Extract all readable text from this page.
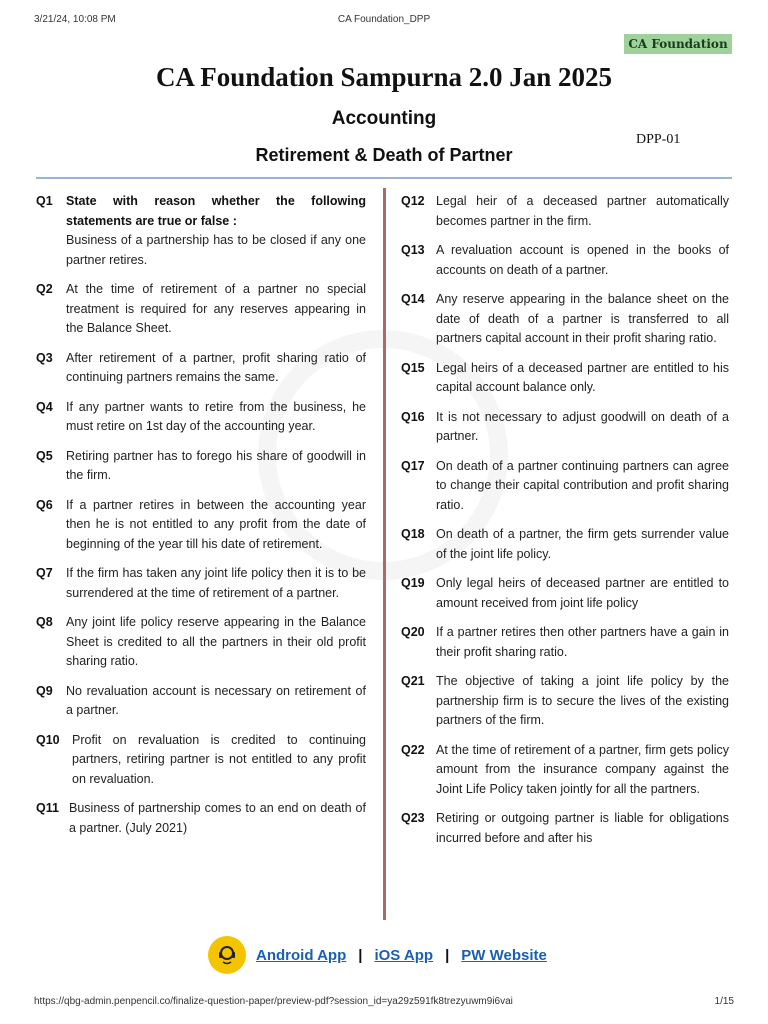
3/21/24, 10:08 PM	CA Foundation_DPP
CA Foundation
CA Foundation Sampurna 2.0 Jan 2025
Accounting
DPP-01
Retirement & Death of Partner
Q1 State with reason whether the following statements are true or false :
Business of a partnership has to be closed if any one partner retires.
Q2 At the time of retirement of a partner no special treatment is required for any reserves appearing in the Balance Sheet.
Q3 After retirement of a partner, profit sharing ratio of continuing partners remains the same.
Q4 If any partner wants to retire from the business, he must retire on 1st day of the accounting year.
Q5 Retiring partner has to forego his share of goodwill in the firm.
Q6 If a partner retires in between the accounting year then he is not entitled to any profit from the date of beginning of the year till his date of retirement.
Q7 If the firm has taken any joint life policy then it is to be surrendered at the time of retirement of a partner.
Q8 Any joint life policy reserve appearing in the Balance Sheet is credited to all the partners in their old profit sharing ratio.
Q9 No revaluation account is necessary on retirement of a partner.
Q10 Profit on revaluation is credited to continuing partners, retiring partner is not entitled to any profit on revaluation.
Q11 Business of partnership comes to an end on death of a partner. (July 2021)
Q12 Legal heir of a deceased partner automatically becomes partner in the firm.
Q13 A revaluation account is opened in the books of accounts on death of a partner.
Q14 Any reserve appearing in the balance sheet on the date of death of a partner is transferred to all partners capital account in their profit sharing ratio.
Q15 Legal heirs of a deceased partner are entitled to his capital account balance only.
Q16 It is not necessary to adjust goodwill on death of a partner.
Q17 On death of a partner continuing partners can agree to change their capital contribution and profit sharing ratio.
Q18 On death of a partner, the firm gets surrender value of the joint life policy.
Q19 Only legal heirs of deceased partner are entitled to amount received from joint life policy
Q20 If a partner retires then other partners have a gain in their profit sharing ratio.
Q21 The objective of taking a joint life policy by the partnership firm is to secure the lives of the existing partners of the firm.
Q22 At the time of retirement of a partner, firm gets policy amount from the insurance company against the Joint Life Policy taken jointly for all the partners.
Q23 Retiring or outgoing partner is liable for obligations incurred before and after his
Android App | iOS App | PW Website
https://qbg-admin.penpencil.co/finalize-question-paper/preview-pdf?session_id=ya29z591fk8trezyuwm9i6vai	1/15
